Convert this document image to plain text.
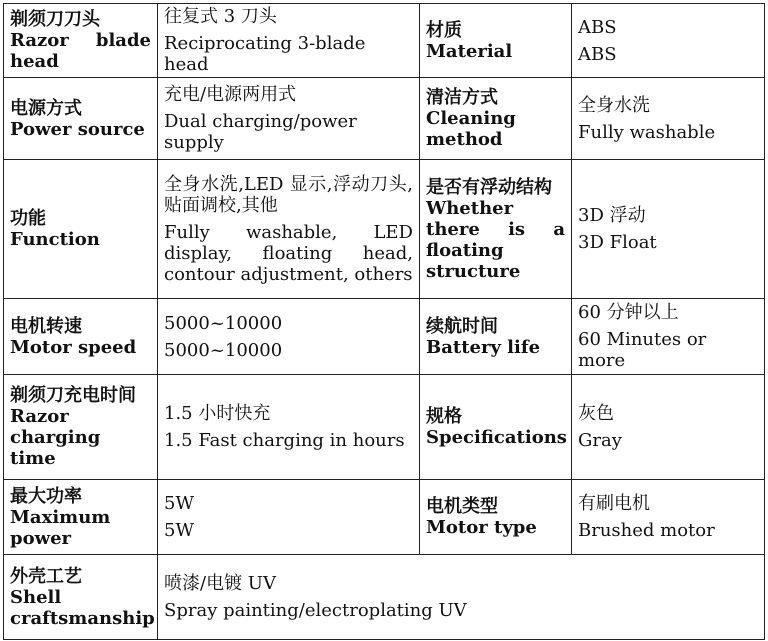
剃须刀刀头
Razor blade head	往复式 3 刀头
Reciprocating 3-blade head	材质
Material	ABS
ABS

电源方式
Power source	充电/电源两用式
Dual charging/power supply	清洁方式
Cleaning method	全身水洗
Fully washable

功能
Function	全身水洗,LED 显示,浮动刀头,贴面调校,其他
Fully washable, LED display, floating head, contour adjustment, others	是否有浮动结构
Whether there is a floating structure	3D 浮动
3D Float

电机转速
Motor speed	5000~10000
5000~10000	续航时间
Battery life	60 分钟以上
60 Minutes or more

剃须刀充电时间
Razor charging time	1.5 小时快充
1.5 Fast charging in hours	规格
Specifications	灰色
Gray

最大功率
Maximum power	5W
5W	电机类型
Motor type	有刷电机
Brushed motor

外壳工艺
Shell craftsmanship	喷漆/电镀 UV
Spray painting/electroplating UV		
